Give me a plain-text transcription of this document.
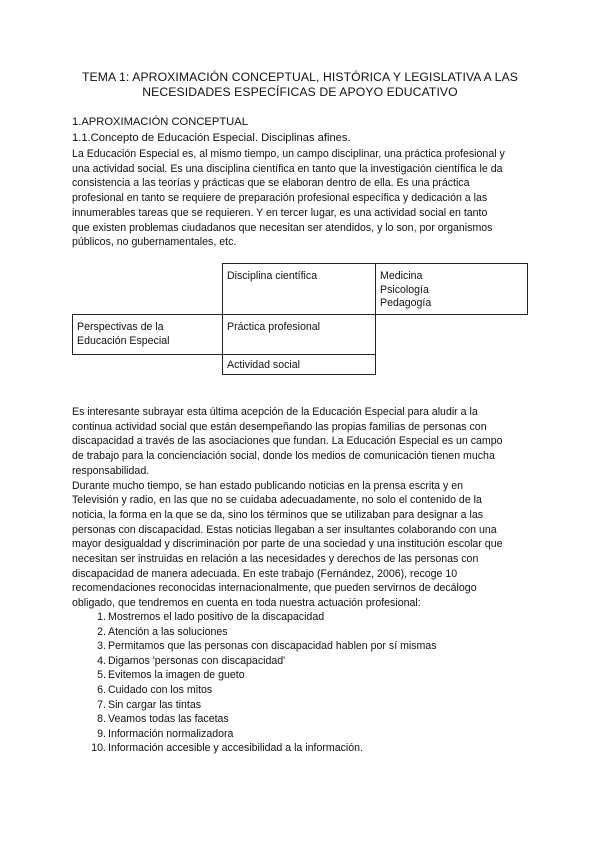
TEMA 1: APROXIMACIÓN CONCEPTUAL, HISTÓRICA Y LEGISLATIVA A LAS
NECESIDADES ESPECÍFICAS DE APOYO EDUCATIVO
1.APROXIMACIÓN CONCEPTUAL
1.1.Concepto de Educación Especial. Disciplinas afines.
La Educación Especial es, al mismo tiempo, un campo disciplinar, una práctica profesional y
una actividad social. Es una disciplina científica en tanto que la investigación científica le da
consistencia a las teorías y prácticas que se elaboran dentro de ella. Es una práctica
profesional en tanto se requiere de preparación profesional específica y dedicación a las
innumerables tareas que se requieren. Y en tercer lugar, es una actividad social en tanto
que existen problemas ciudadanos que necesitan ser atendidos, y lo son, por organismos
públicos, no gubernamentales, etc.
Disciplina científica	Medicina
Psicología
Pedagogía
Perspectivas de la
Educación Especial
Práctica profesional
Actividad social
Es interesante subrayar esta última acepción de la Educación Especial para aludir a la
continua actividad social que están desempeñando las propias familias de personas con
discapacidad a través de las asociaciones que fundan. La Educación Especial es un campo
de trabajo para la concienciación social, donde los medios de comunicación tienen mucha
responsabilidad.
Durante mucho tiempo, se han estado publicando noticias en la prensa escrita y en
Televisión y radio, en las que no se cuidaba adecuadamente, no solo el contenido de la
noticia, la forma en la que se da, sino los términos que se utilizaban para designar a las
personas con discapacidad. Estas noticias llegaban a ser insultantes colaborando con una
mayor desigualdad y discriminación por parte de una sociedad y una institución escolar que
necesitan ser instruidas en relación a las necesidades y derechos de las personas con
discapacidad de manera adecuada. En este trabajo (Fernández, 2006), recoge 10
recomendaciones reconocidas internacionalmente, que pueden servirnos de decálogo
obligado, que tendremos en cuenta en toda nuestra actuación profesional:
1. Mostremos el lado positivo de la discapacidad
2. Atención a las soluciones
3. Permitamos que las personas con discapacidad hablen por sí mismas
4. Digamos 'personas con discapacidad'
5. Evitemos la imagen de gueto
6. Cuidado con los mitos
7. Sin cargar las tintas
8. Veamos todas las facetas
9. Información normalizadora
10. Información accesible y accesibilidad a la información.
